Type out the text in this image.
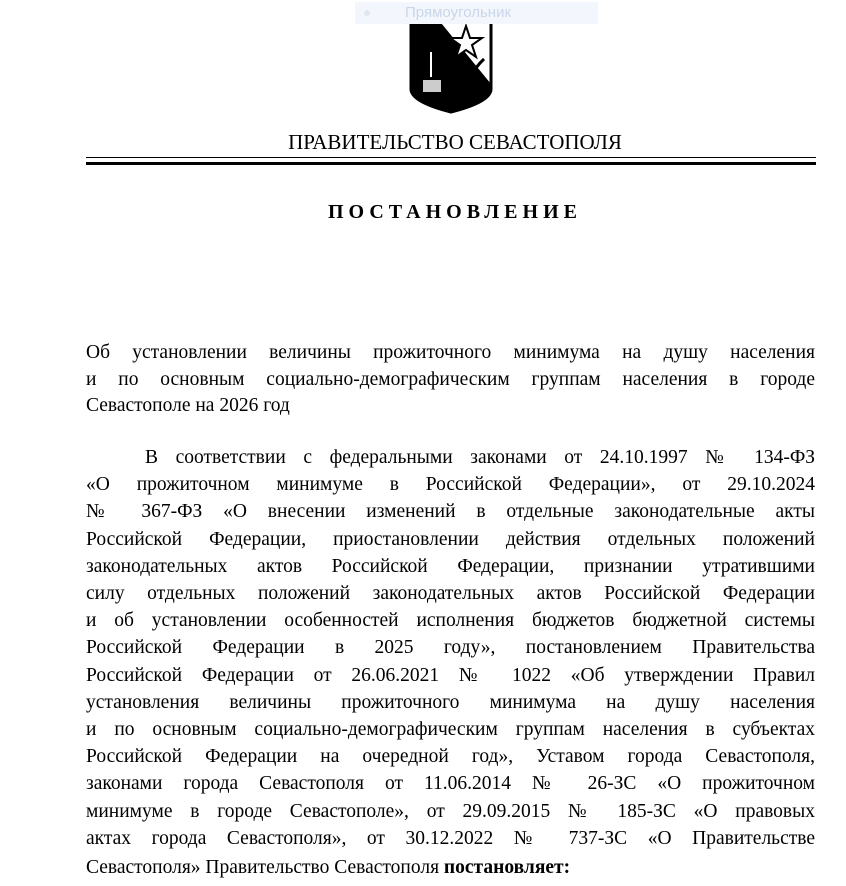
Прямоугольник
ПРАВИТЕЛЬСТВО СЕВАСТОПОЛЯ
ПОСТАНОВЛЕНИЕ
Об установлении величины прожиточного минимума на душу населения
и по основным социально-демографическим группам населения в городе
Севастополе на 2026 год
В соответствии с федеральными законами от 24.10.1997 № 134-ФЗ
«О прожиточном минимуме в Российской Федерации», от 29.10.2024
№ 367-ФЗ «О внесении изменений в отдельные законодательные акты
Российской Федерации, приостановлении действия отдельных положений
законодательных актов Российской Федерации, признании утратившими
силу отдельных положений законодательных актов Российской Федерации
и об установлении особенностей исполнения бюджетов бюджетной системы
Российской Федерации в 2025 году», постановлением Правительства
Российской Федерации от 26.06.2021 № 1022 «Об утверждении Правил
установления величины прожиточного минимума на душу населения
и по основным социально-демографическим группам населения в субъектах
Российской Федерации на очередной год», Уставом города Севастополя,
законами города Севастополя от 11.06.2014 № 26-ЗС «О прожиточном
минимуме в городе Севастополе», от 29.09.2015 № 185-ЗС «О правовых
актах города Севастополя», от 30.12.2022 № 737-ЗС «О Правительстве
Севастополя» Правительство Севастополя постановляет:
